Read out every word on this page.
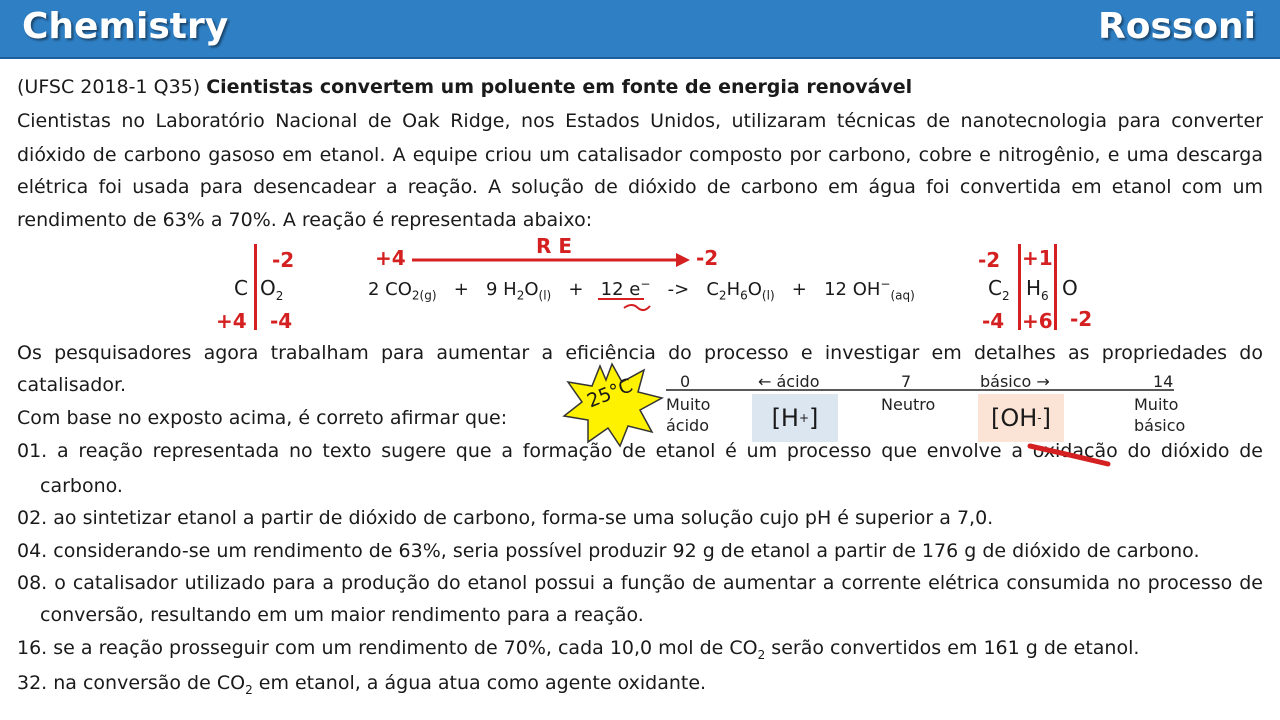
Chemistry	Rossoni
(UFSC 2018-1 Q35) Cientistas convertem um poluente em fonte de energia renovável
Cientistas no Laboratório Nacional de Oak Ridge, nos Estados Unidos, utilizaram técnicas de nanotecnologia para converter
dióxido de carbono gasoso em etanol. A equipe criou um catalisador composto por carbono, cobre e nitrogênio, e uma descarga
elétrica foi usada para desencadear a reação. A solução de dióxido de carbono em água foi convertida em etanol com um
rendimento de 63% a 70%. A reação é representada abaixo:
C $O_2$
-2
+4 -4
+4	R E	-2
2 $CO_{2(g)} + 9$ $H_2O_{(l)} + 12$ $e^- -> C_2H_6O_{(l)} + 12$ $OH^-_{(aq)}$
-2 +1
$C_2$ $H_6$ O
-4 +6 -2
Os pesquisadores agora trabalham para aumentar a eficiência do processo e investigar em detalhes as propriedades do
catalisador.
Com base no exposto acima, é correto afirmar que:
25°C	0	← ácido	7	básico →	14
Muito
ácido
Neutro	Muito
básico
[H + ]	[OH - ]
01. a reação representada no texto sugere que a formação de etanol é um processo que envolve a oxidação do dióxido de
carbono.
02. ao sintetizar etanol a partir de dióxido de carbono, forma-se uma solução cujo pH é superior a 7,0.
04. considerando-se um rendimento de 63%, seria possível produzir 92 g de etanol a partir de 176 g de dióxido de carbono.
08. o catalisador utilizado para a produção do etanol possui a função de aumentar a corrente elétrica consumida no processo de
conversão, resultando em um maior rendimento para a reação.
16. se a reação prosseguir com um rendimento de 70%, cada 10,0 mol de $CO_2$ serão convertidos em 161 g de etanol.
32. na conversão de $CO_2$ em etanol, a água atua como agente oxidante.
